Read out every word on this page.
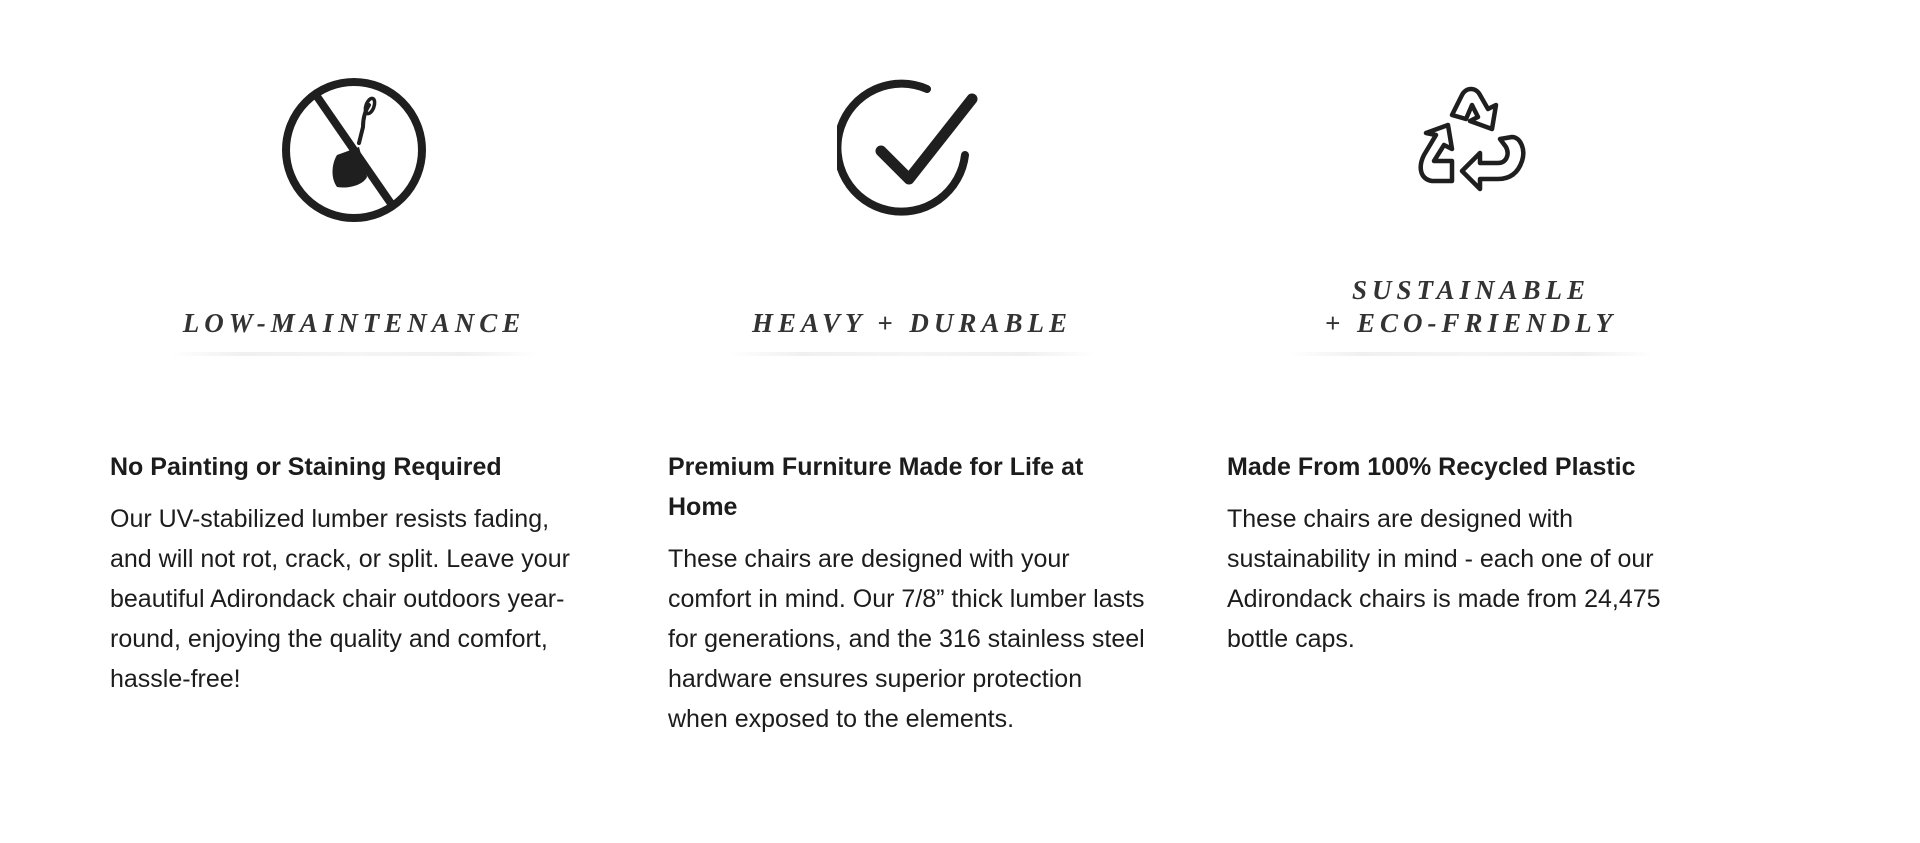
LOW-MAINTENANCE
No Painting or Staining Required

Our UV-stabilized lumber resists fading, and will not rot, crack, or split. Leave your beautiful Adirondack chair outdoors year-round, enjoying the quality and comfort, hassle-free!

HEAVY + DURABLE
Premium Furniture Made for Life at Home

These chairs are designed with your comfort in mind. Our 7/8” thick lumber lasts for generations, and the 316 stainless steel hardware ensures superior protection when exposed to the elements.

SUSTAINABLE
+ ECO-FRIENDLY
Made From 100% Recycled Plastic

These chairs are designed with sustainability in mind - each one of our Adirondack chairs is made from 24,475 bottle caps.
